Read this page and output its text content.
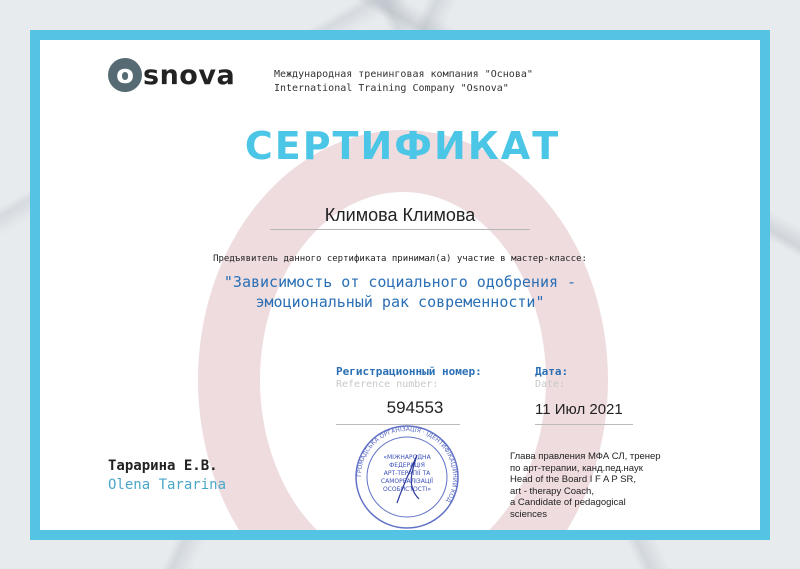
o snova	Международная тренинговая компания "Основа"
International Training Company "Osnova"
СЕРТИФИКАТ
Климова Климова
Предъявитель данного сертификата принимал(а) участие в мастер-классе:
"Зависимость от социального одобрения -
эмоциональный рак современности"
Регистрационный номер:
Reference number:
594553
Дата:
Date:
11 Июл 2021
Тарарина Е.В.
Olena Tararina
ГРОМАДСЬКА ОРГАНІЗАЦІЯ · ІДЕНТИФІКАЦІЙНИЙ КОД
«МІЖНАРОДНА
ФЕДЕРАЦІЯ
АРТ-ТЕРАПІЇ ТА
САМОРЕАЛІЗАЦІЇ
ОСОБИСТОСТІ»
Глава правления МФА СЛ, тренер
по арт-терапии, канд.пед.наук
Head of the Board I F A P SR,
art - therapy Coach,
a Candidate of pedagogical
sciences
